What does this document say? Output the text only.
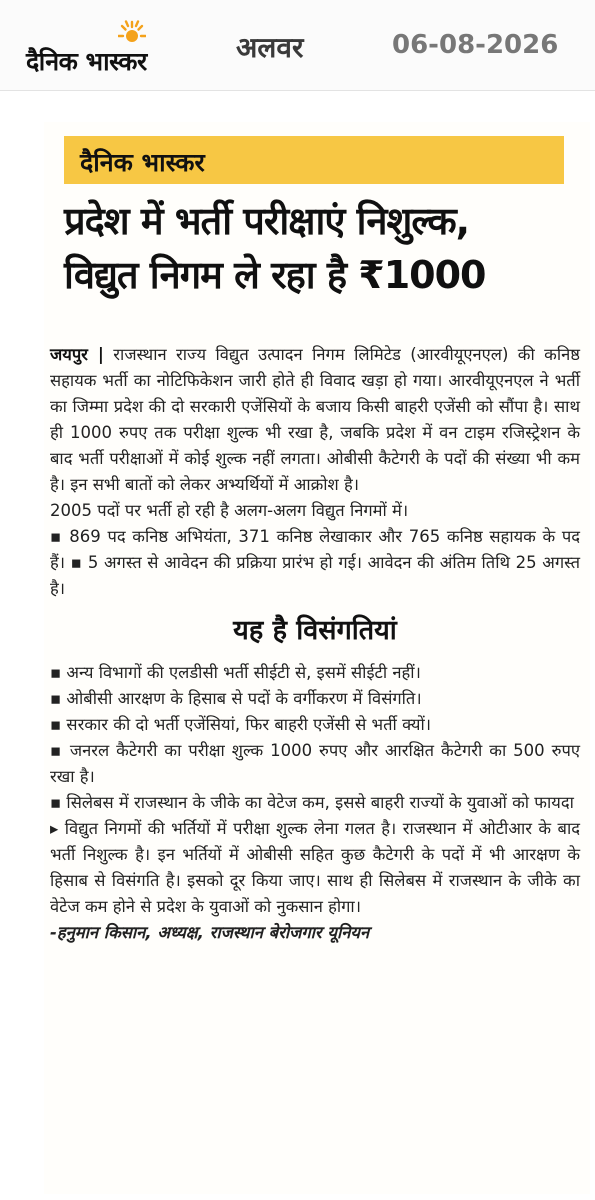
दैनिक भास्कर	अलवर	06-08-2026
दैनिक भास्कर
प्रदेश में भर्ती परीक्षाएं निशुल्क,
विद्युत निगम ले रहा है ₹1000

जयपुर | राजस्थान राज्य विद्युत उत्पादन निगम लिमिटेड (आरवीयूएनएल) की कनिष्ठ सहायक भर्ती का नोटिफिकेशन जारी होते ही विवाद खड़ा हो गया। आरवीयूएनएल ने भर्ती का जिम्मा प्रदेश की दो सरकारी एजेंसियों के बजाय किसी बाहरी एजेंसी को सौंपा है। साथ ही 1000 रुपए तक परीक्षा शुल्क भी रखा है, जबकि प्रदेश में वन टाइम रजिस्ट्रेशन के बाद भर्ती परीक्षाओं में कोई शुल्क नहीं लगता। ओबीसी कैटेगरी के पदों की संख्या भी कम है। इन सभी बातों को लेकर अभ्यर्थियों में आक्रोश है।

2005 पदों पर भर्ती हो रही है अलग-अलग विद्युत निगमों में।

▪ 869 पद कनिष्ठ अभियंता, 371 कनिष्ठ लेखाकार और 765 कनिष्ठ सहायक के पद हैं। ▪ 5 अगस्त से आवेदन की प्रक्रिया प्रारंभ हो गई। आवेदन की अंतिम तिथि 25 अगस्त है।

यह है विसंगतियां

▪ अन्य विभागों की एलडीसी भर्ती सीईटी से, इसमें सीईटी नहीं।

▪ ओबीसी आरक्षण के हिसाब से पदों के वर्गीकरण में विसंगति।

▪ सरकार की दो भर्ती एजेंसियां, फिर बाहरी एजेंसी से भर्ती क्यों।

▪ जनरल कैटेगरी का परीक्षा शुल्क 1000 रुपए और आरक्षित कैटेगरी का 500 रुपए रखा है।

▪ सिलेबस में राजस्थान के जीके का वेटेज कम, इससे बाहरी राज्यों के युवाओं को फायदा

▸ विद्युत निगमों की भर्तियों में परीक्षा शुल्क लेना गलत है। राजस्थान में ओटीआर के बाद भर्ती निशुल्क है। इन भर्तियों में ओबीसी सहित कुछ कैटेगरी के पदों में भी आरक्षण के हिसाब से विसंगति है। इसको दूर किया जाए। साथ ही सिलेबस में राजस्थान के जीके का वेटेज कम होने से प्रदेश के युवाओं को नुकसान होगा।

-हनुमान किसान, अध्यक्ष, राजस्थान बेरोजगार यूनियन
